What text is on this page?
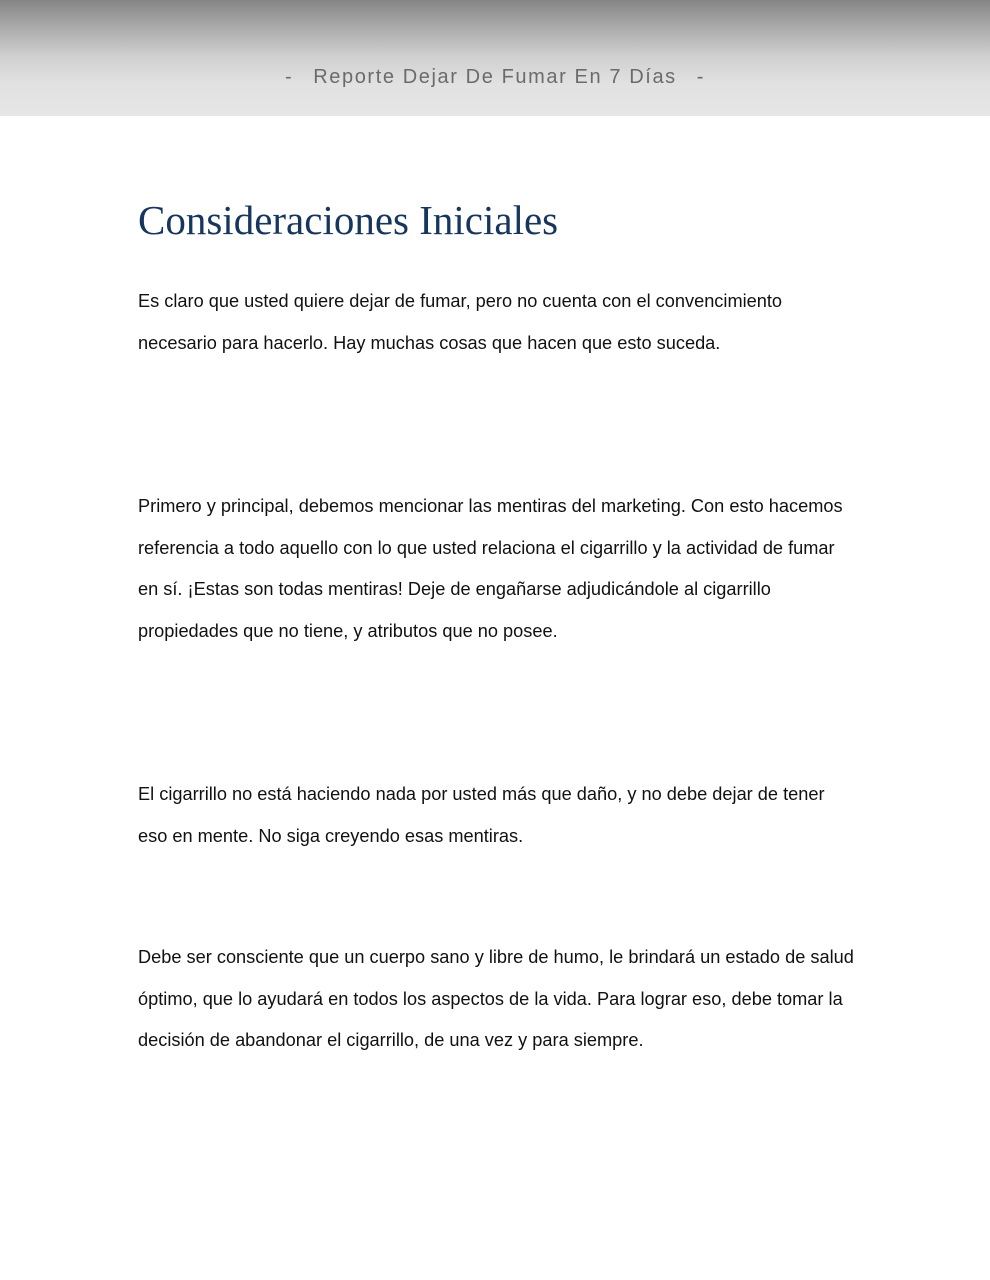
- Reporte Dejar De Fumar En 7 Días -
Consideraciones Iniciales

Es claro que usted quiere dejar de fumar, pero no cuenta con el convencimiento necesario para hacerlo. Hay muchas cosas que hacen que esto suceda.

Primero y principal, debemos mencionar las mentiras del marketing. Con esto hacemos referencia a todo aquello con lo que usted relaciona el cigarrillo y la actividad de fumar en sí. ¡Estas son todas mentiras! Deje de engañarse adjudicándole al cigarrillo propiedades que no tiene, y atributos que no posee.

El cigarrillo no está haciendo nada por usted más que daño, y no debe dejar de tener eso en mente. No siga creyendo esas mentiras.

Debe ser consciente que un cuerpo sano y libre de humo, le brindará un estado de salud óptimo, que lo ayudará en todos los aspectos de la vida. Para lograr eso, debe tomar la decisión de abandonar el cigarrillo, de una vez y para siempre.
